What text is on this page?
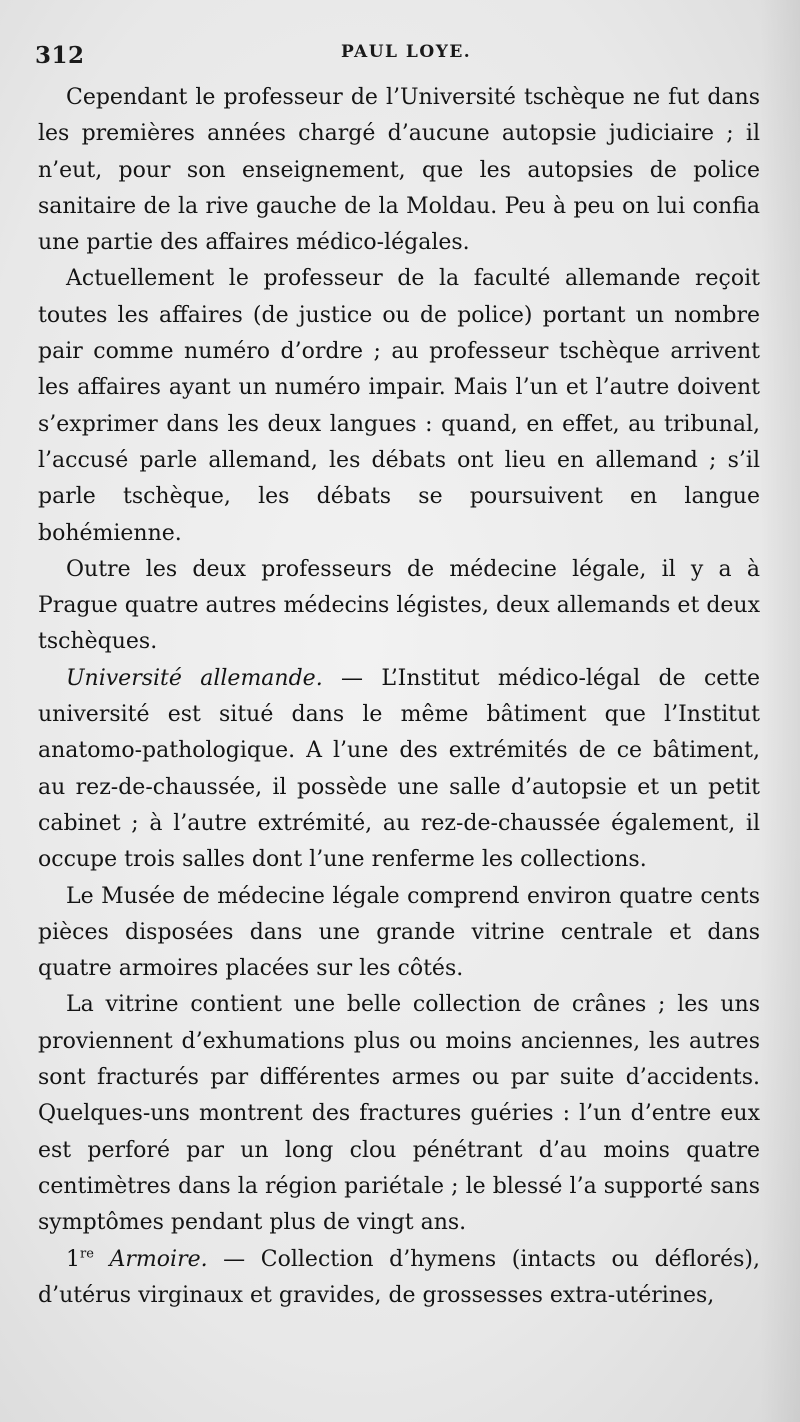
312	PAUL LOYE.

Cependant le professeur de l’Université tschèque ne fut dans les premières années chargé d’aucune autopsie judiciaire ; il n’eut, pour son enseignement, que les autopsies de police sanitaire de la rive gauche de la Moldau. Peu à peu on lui confia une partie des affaires médico-légales.

Actuellement le professeur de la faculté allemande reçoit toutes les affaires (de justice ou de police) portant un nombre pair comme numéro d’ordre ; au professeur tschèque arrivent les affaires ayant un numéro impair. Mais l’un et l’autre doivent s’exprimer dans les deux langues : quand, en effet, au tribunal, l’accusé parle allemand, les débats ont lieu en allemand ; s’il parle tschèque, les débats se poursuivent en langue bohémienne.

Outre les deux professeurs de médecine légale, il y a à Prague quatre autres médecins légistes, deux allemands et deux tschèques.

Université allemande. — L’Institut médico-légal de cette université est situé dans le même bâtiment que l’Institut anatomo-pathologique. A l’une des extrémités de ce bâtiment, au rez-de-chaussée, il possède une salle d’autopsie et un petit cabinet ; à l’autre extrémité, au rez-de-chaussée également, il occupe trois salles dont l’une renferme les collections.

Le Musée de médecine légale comprend environ quatre cents pièces disposées dans une grande vitrine centrale et dans quatre armoires placées sur les côtés.

La vitrine contient une belle collection de crânes ; les uns proviennent d’exhumations plus ou moins anciennes, les autres sont fracturés par différentes armes ou par suite d’accidents. Quelques-uns montrent des fractures guéries : l’un d’entre eux est perforé par un long clou pénétrant d’au moins quatre centimètres dans la région pariétale ; le blessé l’a supporté sans symptômes pendant plus de vingt ans.

1re Armoire. — Collection d’hymens (intacts ou déflorés), d’utérus virginaux et gravides, de grossesses extra-utérines,
